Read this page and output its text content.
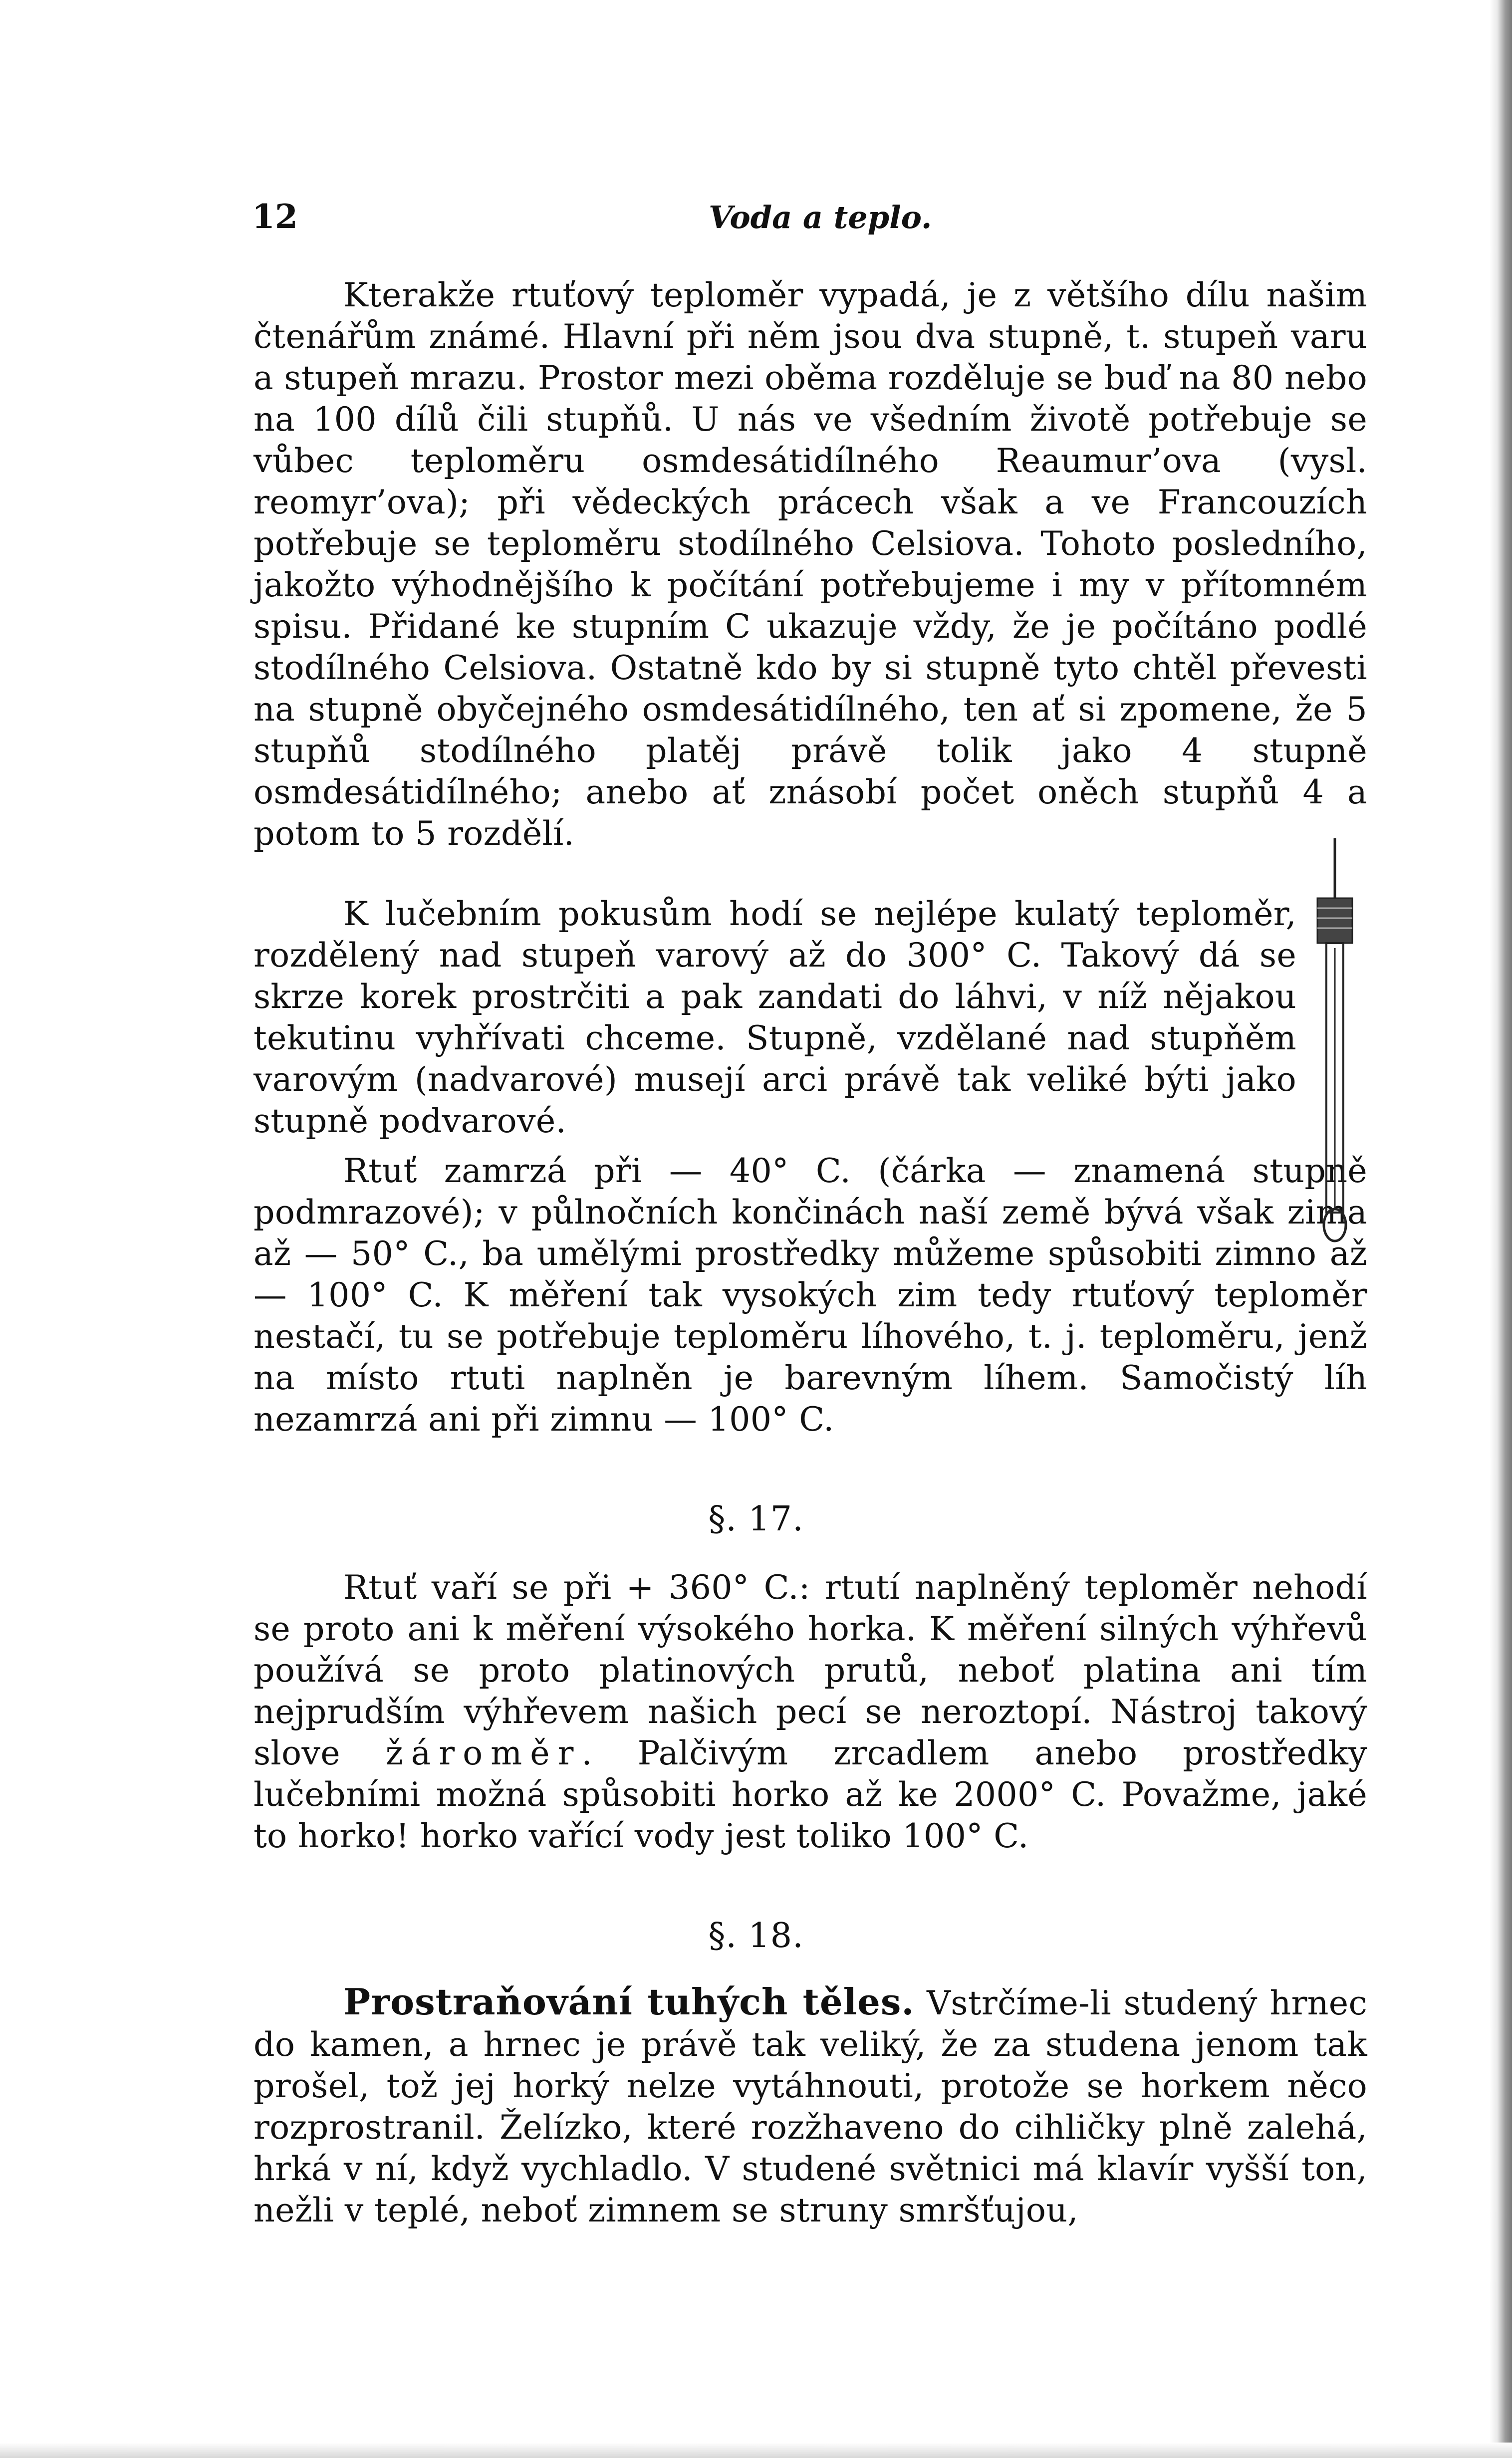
12	Voda a teplo.

Kterakže rtuťový teploměr vypadá, je z většího dílu našim čtenářům známé. Hlavní při něm jsou dva stupně, t. stupeň varu a stupeň mrazu. Prostor mezi oběma rozděluje se buď na 80 nebo na 100 dílů čili stupňů. U nás ve všedním životě potřebuje se vůbec teploměru osmdesátidílného Reaumur’ova (vysl. reomyr’ova); při vědeckých prácech však a ve Francouzích potřebuje se teploměru stodílného Celsiova. Tohoto posledního, jakožto výhodnějšího k počítání potřebujeme i my v přítomném spisu. Přidané ke stupním C ukazuje vždy, že je počítáno podlé stodílného Celsiova. Ostatně kdo by si stupně tyto chtěl převesti na stupně obyčejného osmdesátidílného, ten ať si zpomene, že 5 stupňů stodílného platěj právě tolik jako 4 stupně osmdesátidílného; anebo ať znásobí počet oněch stupňů 4 a potom to 5 rozdělí.

K lučebním pokusům hodí se nejlépe kulatý teploměr, rozdělený nad stupeň varový až do 300° C. Takový dá se skrze korek prostrčiti a pak zandati do láhvi, v níž nějakou tekutinu vyhřívati chceme. Stupně, vzdělané nad stupňěm varovým (nadvarové) musejí arci právě tak veliké býti jako stupně podvarové.

Rtuť zamrzá při — 40° C. (čárka — znamená stupně podmrazové); v půlnočních končinách naší země bývá však zima až — 50° C., ba umělými prostředky můžeme spůsobiti zimno až — 100° C. K měření tak vysokých zim tedy rtuťový teploměr nestačí, tu se potřebuje teploměru líhového, t. j. teploměru, jenž na místo rtuti naplněn je barevným líhem. Samočistý líh nezamrzá ani při zimnu — 100° C.

§. 17.

Rtuť vaří se při + 360° C.: rtutí naplněný teploměr nehodí se proto ani k měření výsokého horka. K měření silných výhřevů používá se proto platinových prutů, neboť platina ani tím nejprudším výhřevem našich pecí se neroztopí. Nástroj takový slove žároměr. Palčivým zrcadlem anebo prostředky lučebními možná spůsobiti horko až ke 2000° C. Považme, jaké to horko! horko vařící vody jest toliko 100° C.

§. 18.

Prostraňování tuhých těles. Vstrčíme-li studený hrnec do kamen, a hrnec je právě tak veliký, že za studena jenom tak prošel, tož jej horký nelze vytáhnouti, protože se horkem něco rozprostranil. Želízko, které rozžhaveno do cihličky plně zalehá, hrká v ní, když vychladlo. V studené světnici má klavír vyšší ton, nežli v teplé, neboť zimnem se struny smršťujou,
